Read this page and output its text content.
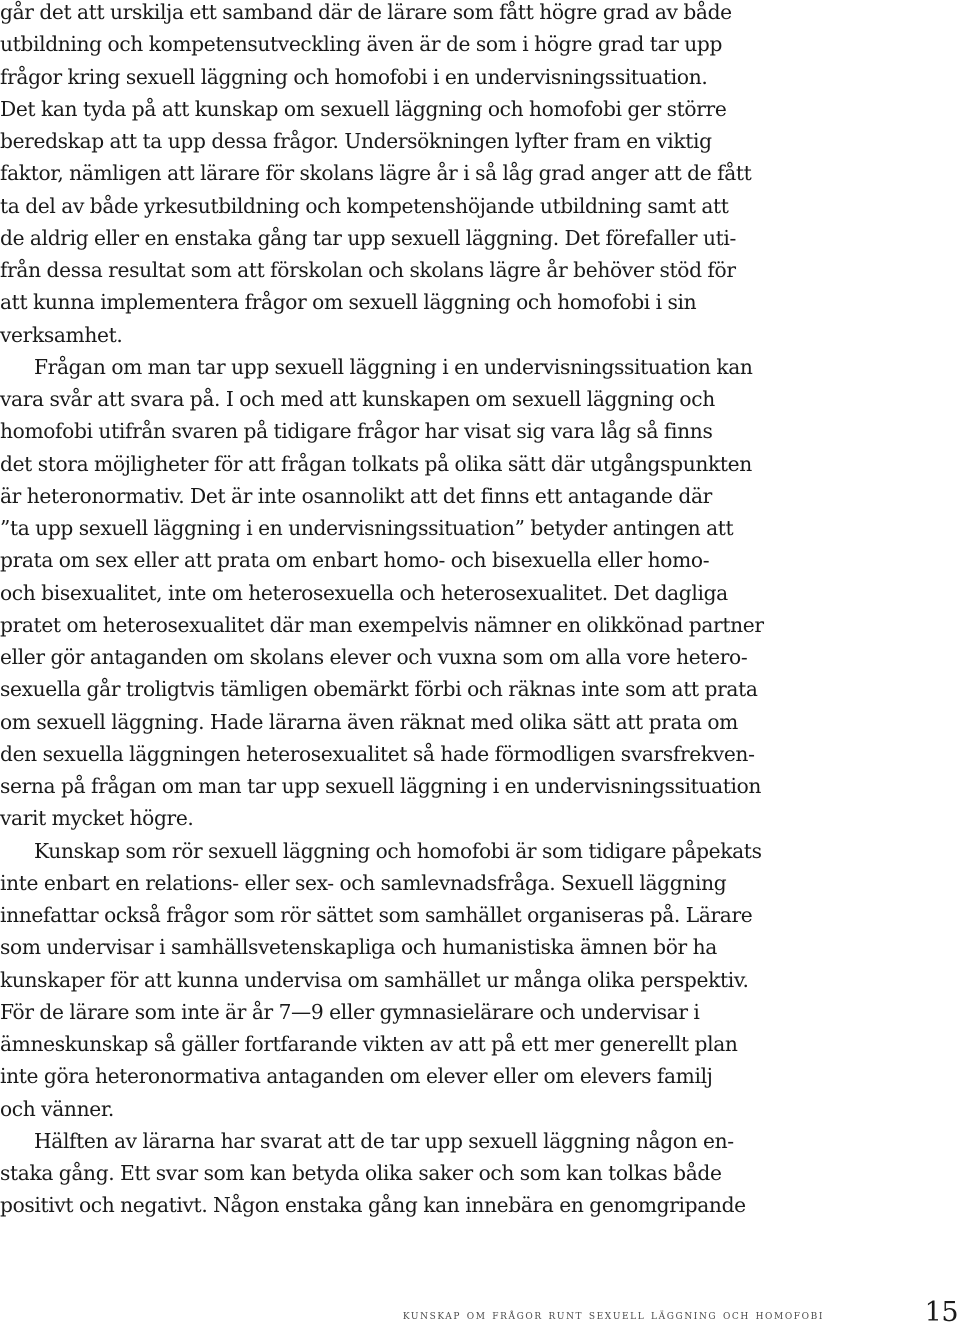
går det att urskilja ett samband där de lärare som fått högre grad av både
utbildning och kompetensutveckling även är de som i högre grad tar upp
frågor kring sexuell läggning och homofobi i en undervisningssituation.
Det kan tyda på att kunskap om sexuell läggning och homofobi ger större
beredskap att ta upp dessa frågor. Undersökningen lyfter fram en viktig
faktor, nämligen att lärare för skolans lägre år i så låg grad anger att de fått
ta del av både yrkesutbildning och kompetenshöjande utbildning samt att
de aldrig eller en enstaka gång tar upp sexuell läggning. Det förefaller uti-
från dessa resultat som att förskolan och skolans lägre år behöver stöd för
att kunna implementera frågor om sexuell läggning och homofobi i sin
verksamhet.
Frågan om man tar upp sexuell läggning i en undervisningssituation kan
vara svår att svara på. I och med att kunskapen om sexuell läggning och
homofobi utifrån svaren på tidigare frågor har visat sig vara låg så finns
det stora möjligheter för att frågan tolkats på olika sätt där utgångspunkten
är heteronormativ. Det är inte osannolikt att det finns ett antagande där
”ta upp sexuell läggning i en undervisningssituation” betyder antingen att
prata om sex eller att prata om enbart homo- och bisexuella eller homo-
och bisexualitet, inte om heterosexuella och heterosexualitet. Det dagliga
pratet om heterosexualitet där man exempelvis nämner en olikkönad partner
eller gör antaganden om skolans elever och vuxna som om alla vore hetero-
sexuella går troligtvis tämligen obemärkt förbi och räknas inte som att prata
om sexuell läggning. Hade lärarna även räknat med olika sätt att prata om
den sexuella läggningen heterosexualitet så hade förmodligen svarsfrekven-
serna på frågan om man tar upp sexuell läggning i en undervisningssituation
varit mycket högre.
Kunskap som rör sexuell läggning och homofobi är som tidigare påpekats
inte enbart en relations- eller sex- och samlevnadsfråga. Sexuell läggning
innefattar också frågor som rör sättet som samhället organiseras på. Lärare
som undervisar i samhällsvetenskapliga och humanistiska ämnen bör ha
kunskaper för att kunna undervisa om samhället ur många olika perspektiv.
För de lärare som inte är år 7—9 eller gymnasielärare och undervisar i
ämneskunskap så gäller fortfarande vikten av att på ett mer generellt plan
inte göra heteronormativa antaganden om elever eller om elevers familj
och vänner.
Hälften av lärarna har svarat att de tar upp sexuell läggning någon en-
staka gång. Ett svar som kan betyda olika saker och som kan tolkas både
positivt och negativt. Någon enstaka gång kan innebära en genomgripande
kunskap om frågor runt sexuell läggning och homofobi	15
